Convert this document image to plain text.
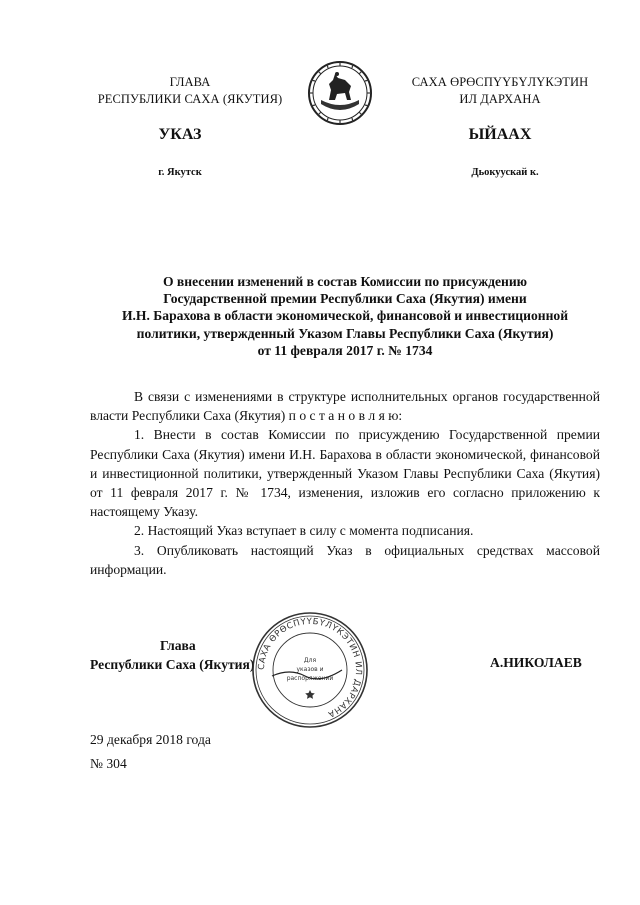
ГЛАВА
РЕСПУБЛИКИ САХА (ЯКУТИЯ)
САХА ӨРӨСПҮҮБҮЛҮКЭТИН
ИЛ ДАРХАНА
УКАЗ	ЫЙААХ
г. Якутск	Дьокуускай к.
О внесении изменений в состав Комиссии по присуждению
Государственной премии Республики Саха (Якутия) имени
И.Н. Барахова в области экономической, финансовой и инвестиционной
политики, утвержденный Указом Главы Республики Саха (Якутия)
от 11 февраля 2017 г. № 1734

В связи с изменениями в структуре исполнительных органов государственной власти Республики Саха (Якутия) п о с т а н о в л я ю:

1. Внести в состав Комиссии по присуждению Государственной премии Республики Саха (Якутия) имени И.Н. Барахова в области экономической, финансовой и инвестиционной политики, утвержденный Указом Главы Республики Саха (Якутия) от 11 февраля 2017 г. № 1734, изменения, изложив его согласно приложению к настоящему Указу.

2. Настоящий Указ вступает в силу с момента подписания.

3. Опубликовать настоящий Указ в официальных средствах массовой информации.

Глава
Республики Саха (Якутия) САХА ӨРӨСПҮҮБҮЛҮКЭТИН ИЛ ДАРХАНА
Для
указов и
распоряжений
А.НИКОЛАЕВ
29 декабря 2018 года
№ 304
